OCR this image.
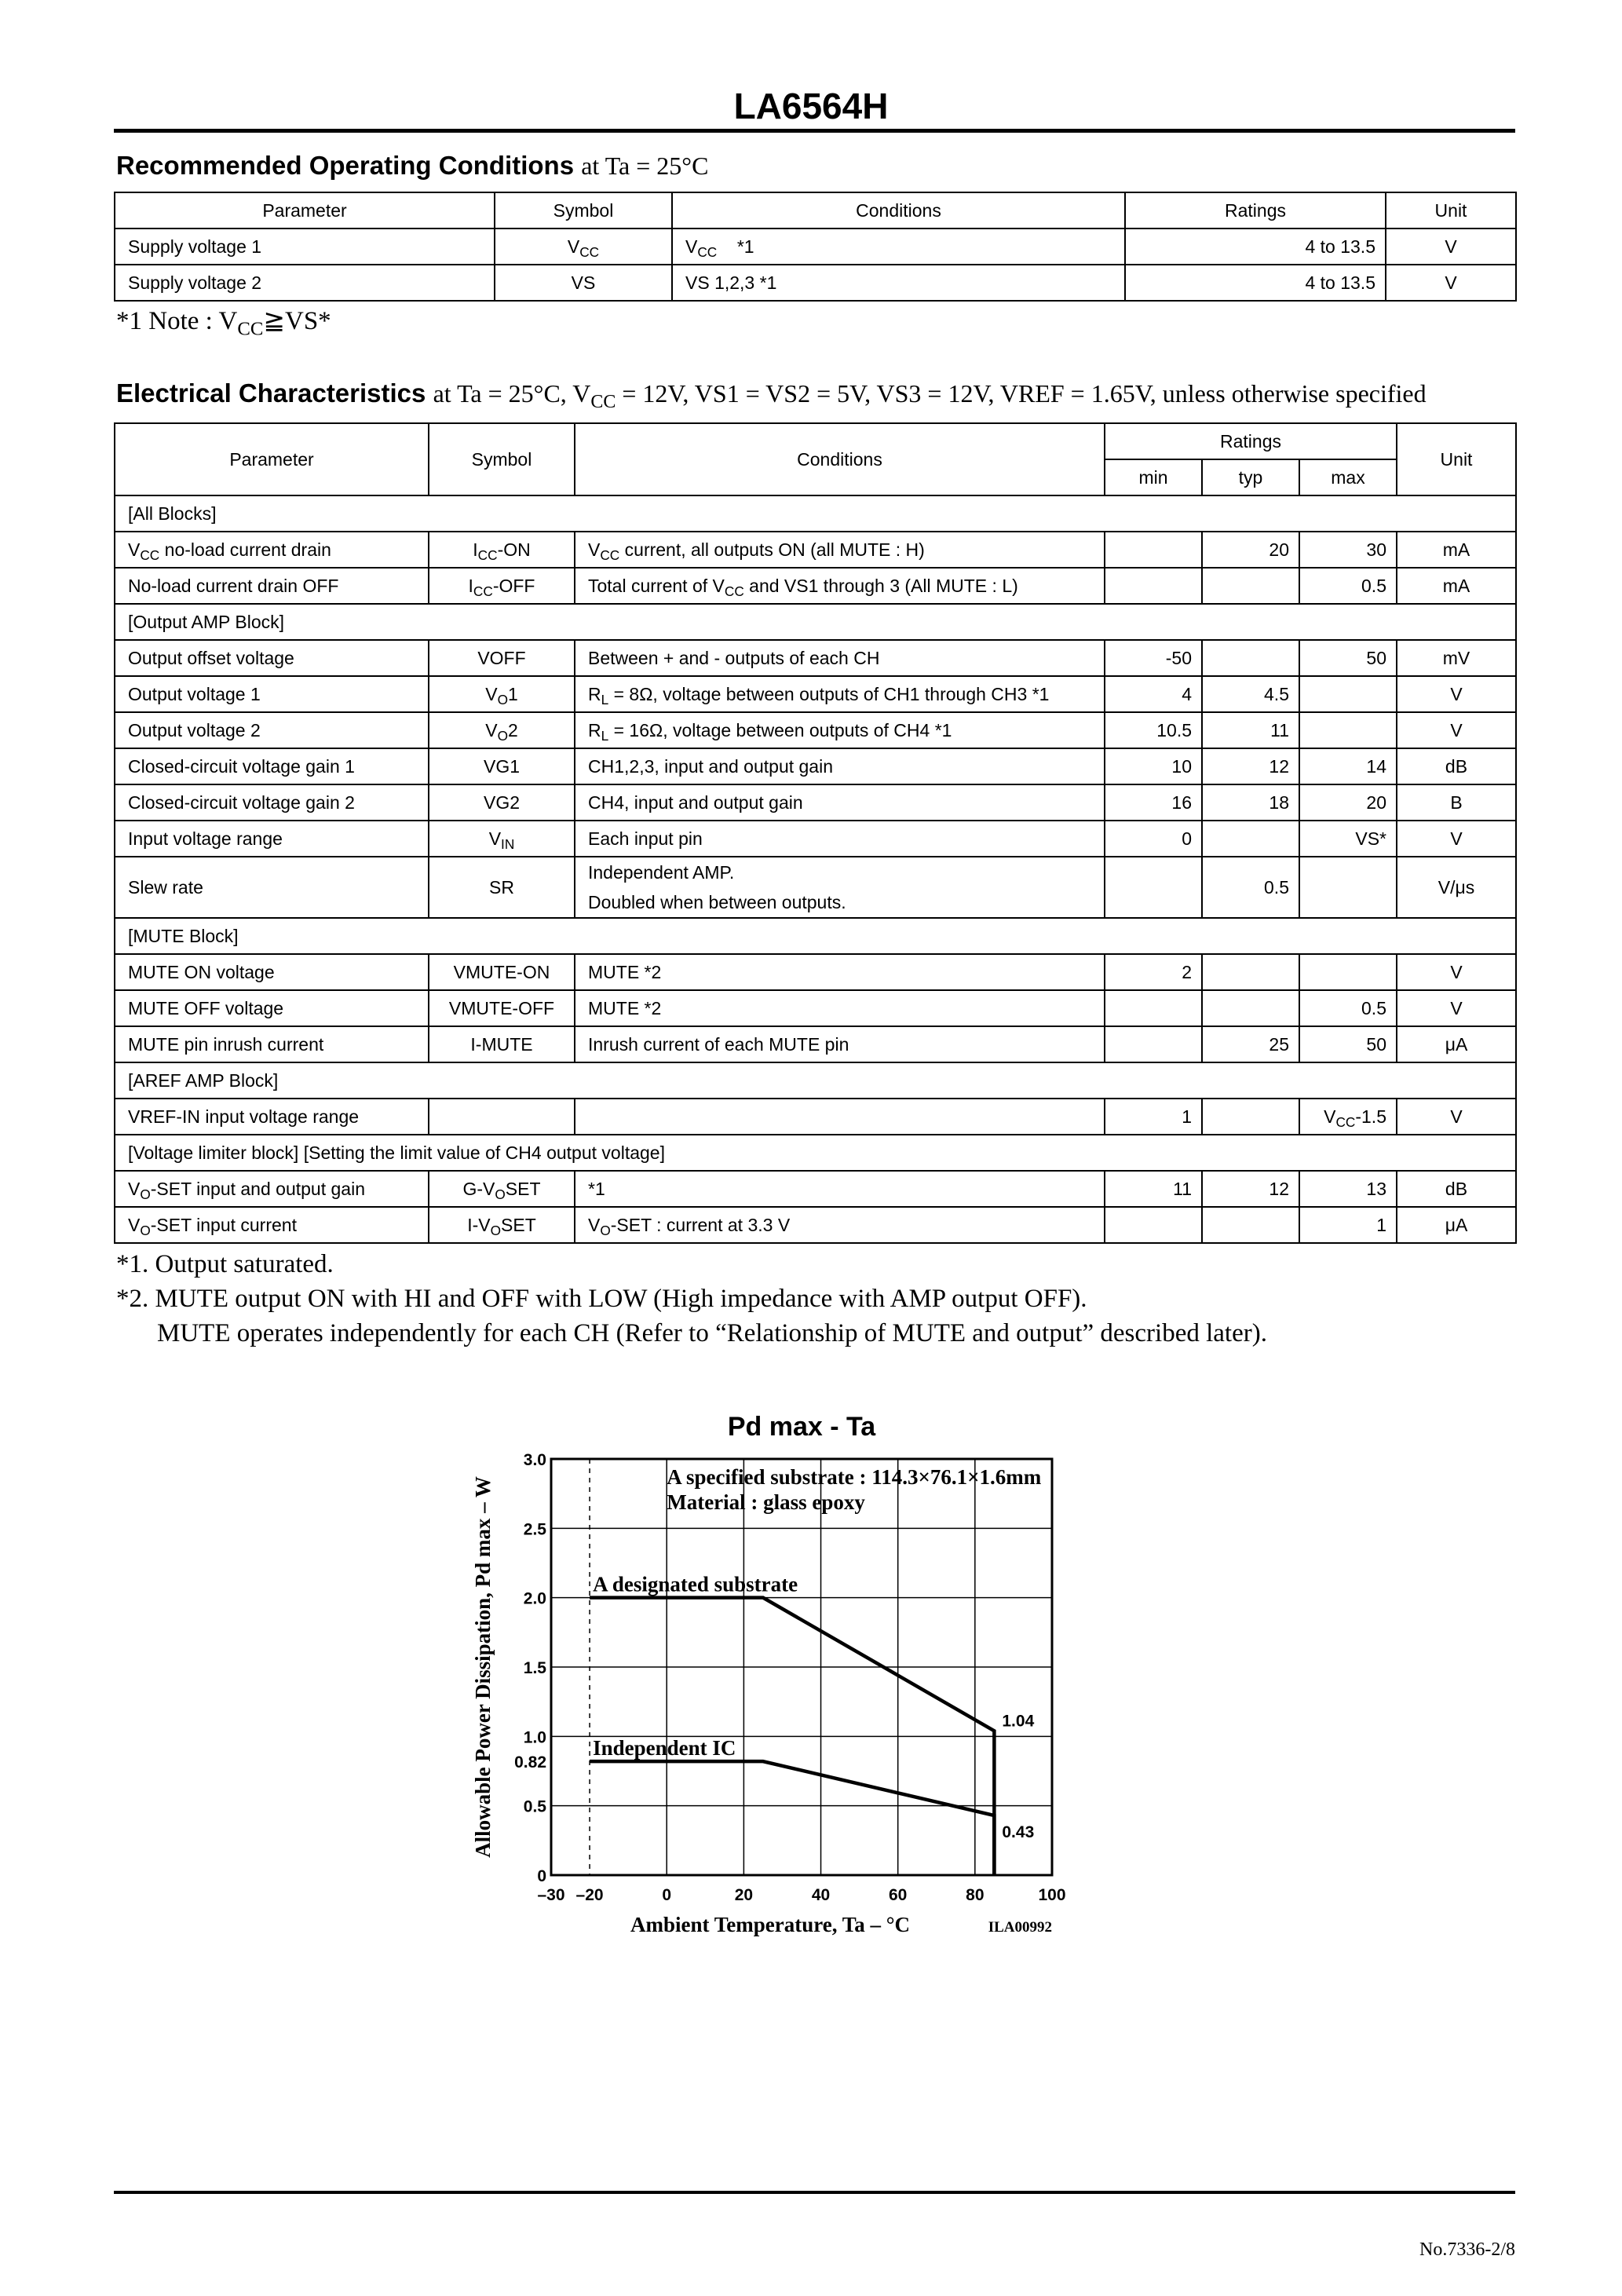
LA6564H
Recommended Operating Conditions at Ta = 25°C
Parameter	Symbol	Conditions	Ratings	Unit
Supply voltage 1	$V_{CC}$	$V_{CC}$ *1	4 to 13.5	V
Supply voltage 2	VS	VS 1,2,3 *1	4 to 13.5	V
*1 Note : $V_{CC}≧VS*$
Electrical Characteristics at Ta = 25°C, $V_{CC} = 12V$, VS1 = VS2 = 5V, VS3 = 12V, VREF = 1.65V, unless otherwise specified
Parameter	Symbol	Conditions	Ratings			Unit
			min	typ	max	
[All Blocks]						
$V_{CC}$ no-load current drain	$I_{CC}-ON$	$V_{CC}$ current, all outputs ON (all MUTE : H)		20	30	mA
No-load current drain OFF	$I_{CC}$-OFF	Total current of $V_{CC}$ and VS1 through 3 (All MUTE : L)			0.5	mA
[Output AMP Block]						
Output offset voltage	VOFF	Between + and - outputs of each CH	-50		50	mV
Output voltage 1	$V_O1$	$R_L = 8\Omega$, voltage between outputs of CH1 through CH3 *1	4	4.5		V
Output voltage 2	$V_O2$	$R_L = 16\Omega$, voltage between outputs of CH4 *1	10.5	11		V
Closed-circuit voltage gain 1	VG1	CH1,2,3, input and output gain	10	12	14	dB
Closed-circuit voltage gain 2	VG2	CH4, input and output gain	16	18	20	B
Input voltage range	$V_{IN}$	Each input pin	0		VS*	V
Slew rate	SR	Independent AMP.
Doubled when between outputs.		0.5		V/μs
[MUTE Block]						
MUTE ON voltage	VMUTE-ON	MUTE *2	2			V
MUTE OFF voltage	VMUTE-OFF	MUTE *2			0.5	V
MUTE pin inrush current	I-MUTE	Inrush current of each MUTE pin		25	50	μA
[AREF AMP Block]						
VREF-IN input voltage range			1		$V_{CC}-1.5$	V
[Voltage limiter block] [Setting the limit value of CH4 output voltage]						
$V_O$-SET input and output gain	$G-V_OSET$	*1	11	12	13	dB
$V_O$-SET input current	$I-V_OSET$	$V_O$-SET : current at 3.3 V			1	μA
*1. Output saturated.
*2. MUTE output ON with HI and OFF with LOW (High impedance with AMP output OFF).
MUTE operates independently for each CH (Refer to “Relationship of MUTE and output” described later).
Pd max - Ta
–30 –20	0	20	40	60	80	100
0
0.5
0.82
1.0
1.5
2.0
2.5
3.0
Ambient Temperature, Ta – °C
Allowable Power Dissipation, Pd max – W	A specified substrate : 114.3×76.1×1.6mm
Material : glass epoxy
A designated substrate
1.04
Independent IC
0.43
ILA00992
No.7336-2/8
